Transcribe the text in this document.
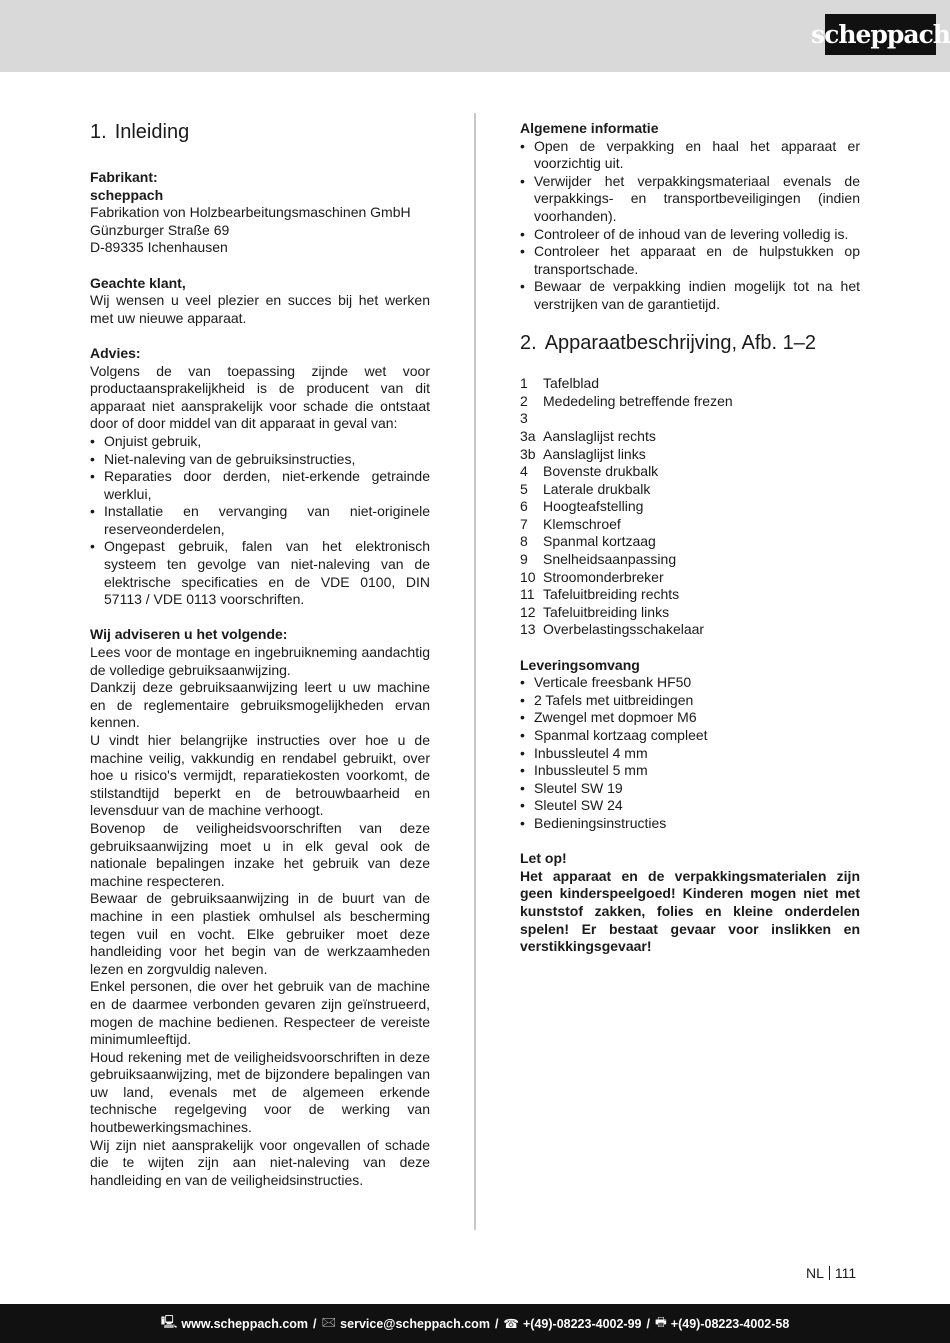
scheppach
1. Inleiding
Fabrikant:
scheppach
Fabrikation von Holzbearbeitungsmaschinen GmbH
Günzburger Straße 69
D-89335 Ichenhausen
Geachte klant,

Wij wensen u veel plezier en succes bij het werken met uw nieuwe apparaat.

Advies:

Volgens de van toepassing zijnde wet voor productaansprakelijkheid is de producent van dit apparaat niet aansprakelijk voor schade die ontstaat door of door middel van dit apparaat in geval van:

• Onjuist gebruik,
• Niet-naleving van de gebruiksinstructies,
• Reparaties door derden, niet-erkende getrainde werklui,
• Installatie en vervanging van niet-originele reserveonderdelen,
• Ongepast gebruik, falen van het elektronisch systeem ten gevolge van niet-naleving van de elektrische specificaties en de VDE 0100, DIN 57113 / VDE 0113 voorschriften.
Wij adviseren u het volgende:

Lees voor de montage en ingebruikneming aandachtig de volledige gebruiksaanwijzing.

Dankzij deze gebruiksaanwijzing leert u uw machine en de reglementaire gebruiksmogelijkheden ervan kennen.

U vindt hier belangrijke instructies over hoe u de machine veilig, vakkundig en rendabel gebruikt, over hoe u risico's vermijdt, reparatiekosten voorkomt, de stilstandtijd beperkt en de betrouwbaarheid en levensduur van de machine verhoogt.

Bovenop de veiligheidsvoorschriften van deze gebruiksaanwijzing moet u in elk geval ook de nationale bepalingen inzake het gebruik van deze machine respecteren.

Bewaar de gebruiksaanwijzing in de buurt van de machine in een plastiek omhulsel als bescherming tegen vuil en vocht. Elke gebruiker moet deze handleiding voor het begin van de werkzaamheden lezen en zorgvuldig naleven.

Enkel personen, die over het gebruik van de machine en de daarmee verbonden gevaren zijn geïnstrueerd, mogen de machine bedienen. Respecteer de vereiste minimumleeftijd.

Houd rekening met de veiligheidsvoorschriften in deze gebruiksaanwijzing, met de bijzondere bepalingen van uw land, evenals met de algemeen erkende technische regelgeving voor de werking van houtbewerkingsmachines.

Wij zijn niet aansprakelijk voor ongevallen of schade die te wijten zijn aan niet-naleving van deze handleiding en van de veiligheidsinstructies.

Algemene informatie
• Open de verpakking en haal het apparaat er voorzichtig uit.
• Verwijder het verpakkingsmateriaal evenals de verpakkings- en transportbeveiligingen (indien voorhanden).
• Controleer of de inhoud van de levering volledig is.
• Controleer het apparaat en de hulpstukken op transportschade.
• Bewaar de verpakking indien mogelijk tot na het verstrijken van de garantietijd.
2. Apparaatbeschrijving, Afb. 1–2
1	Tafelblad
2	Mededeling betreffende frezen
3
3a Aanslaglijst rechts
3b Aanslaglijst links
4	Bovenste drukbalk
5	Laterale drukbalk
6	Hoogteafstelling
7	Klemschroef
8	Spanmal kortzaag
9	Snelheidsaanpassing
10 Stroomonderbreker
11 Tafeluitbreiding rechts
12 Tafeluitbreiding links
13 Overbelastingsschakelaar
Leveringsomvang
• Verticale freesbank HF50
• 2 Tafels met uitbreidingen
• Zwengel met dopmoer M6
• Spanmal kortzaag compleet
• Inbussleutel 4 mm
• Inbussleutel 5 mm
• Sleutel SW 19
• Sleutel SW 24
• Bedieningsinstructies
Let op!

Het apparaat en de verpakkingsmaterialen zijn geen kinderspeelgoed! Kinderen mogen niet met kunststof zakken, folies en kleine onderdelen spelen! Er bestaat gevaar voor inslikken en verstikkingsgevaar!

NL 111
🖳 www.scheppach.com / 🖂 service@scheppach.com / ☎ +(49)-08223-4002-99 / 🖶 +(49)-08223-4002-58
